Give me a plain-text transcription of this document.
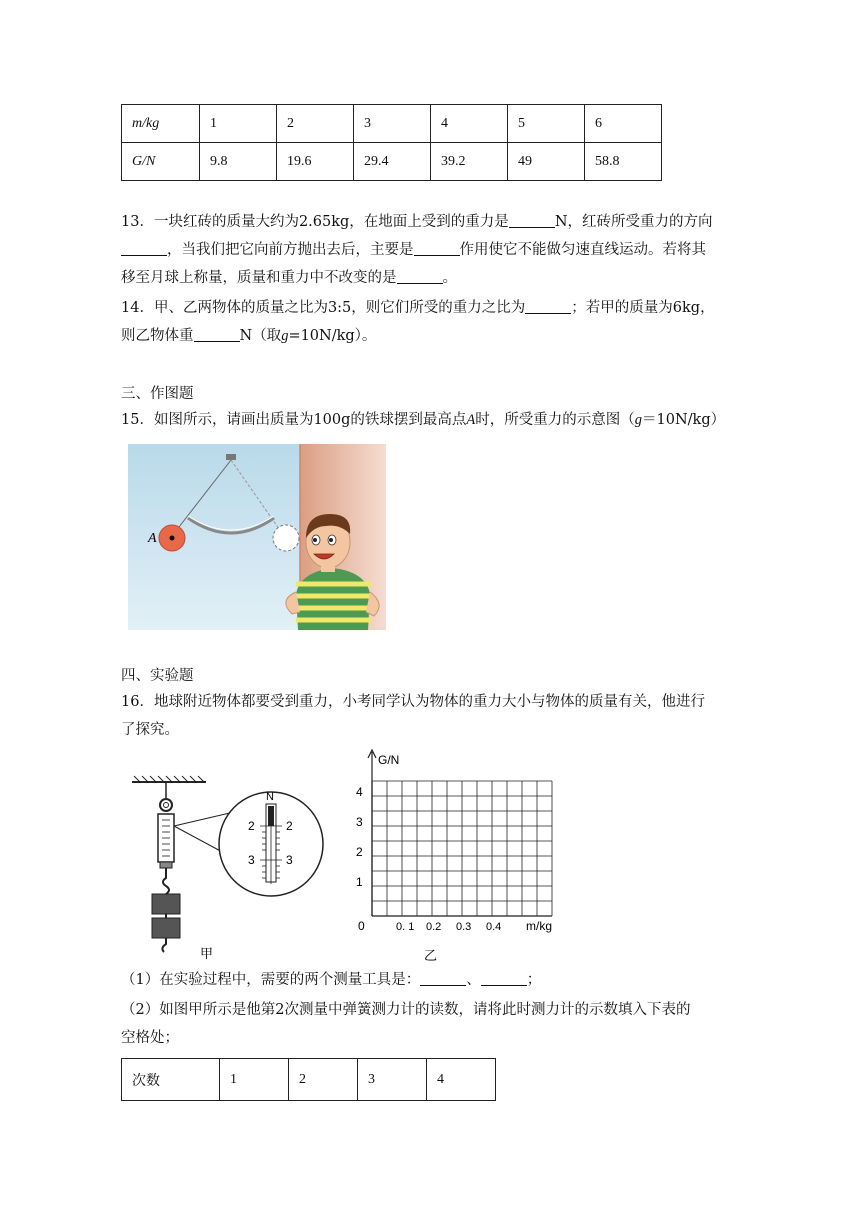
m/kg	1	2	3	4	5	6
G/N	9.8	19.6	29.4	39.2	49	58.8
13．一块红砖的质量大约为2.65kg，在地面上受到的重力是	N，红砖所受重力的方向
，当我们把它向前方抛出去后，主要是	作用使它不能做匀速直线运动。若将其
移至月球上称量，质量和重力中不改变的是	。
14．甲、乙两物体的质量之比为3:5，则它们所受的重力之比为	；若甲的质量为6kg，
则乙物体重	N（取g=10N/kg）。
三、作图题
15．如图所示，请画出质量为100g的铁球摆到最高点A时，所受重力的示意图（g＝10N/kg）
A
四、实验题
16．地球附近物体都要受到重力，小考同学认为物体的重力大小与物体的质量有关，他进行
了探究。
N
2	2
3	3
甲
G/N
m/kg
0
4
3
2
1
0. 1 0.2 0.3 0.4
乙
（1）在实验过程中，需要的两个测量工具是：	、	；
（2）如图甲所示是他第2次测量中弹簧测力计的读数，请将此时测力计的示数填入下表的
空格处；
次数	1	2	3	4
